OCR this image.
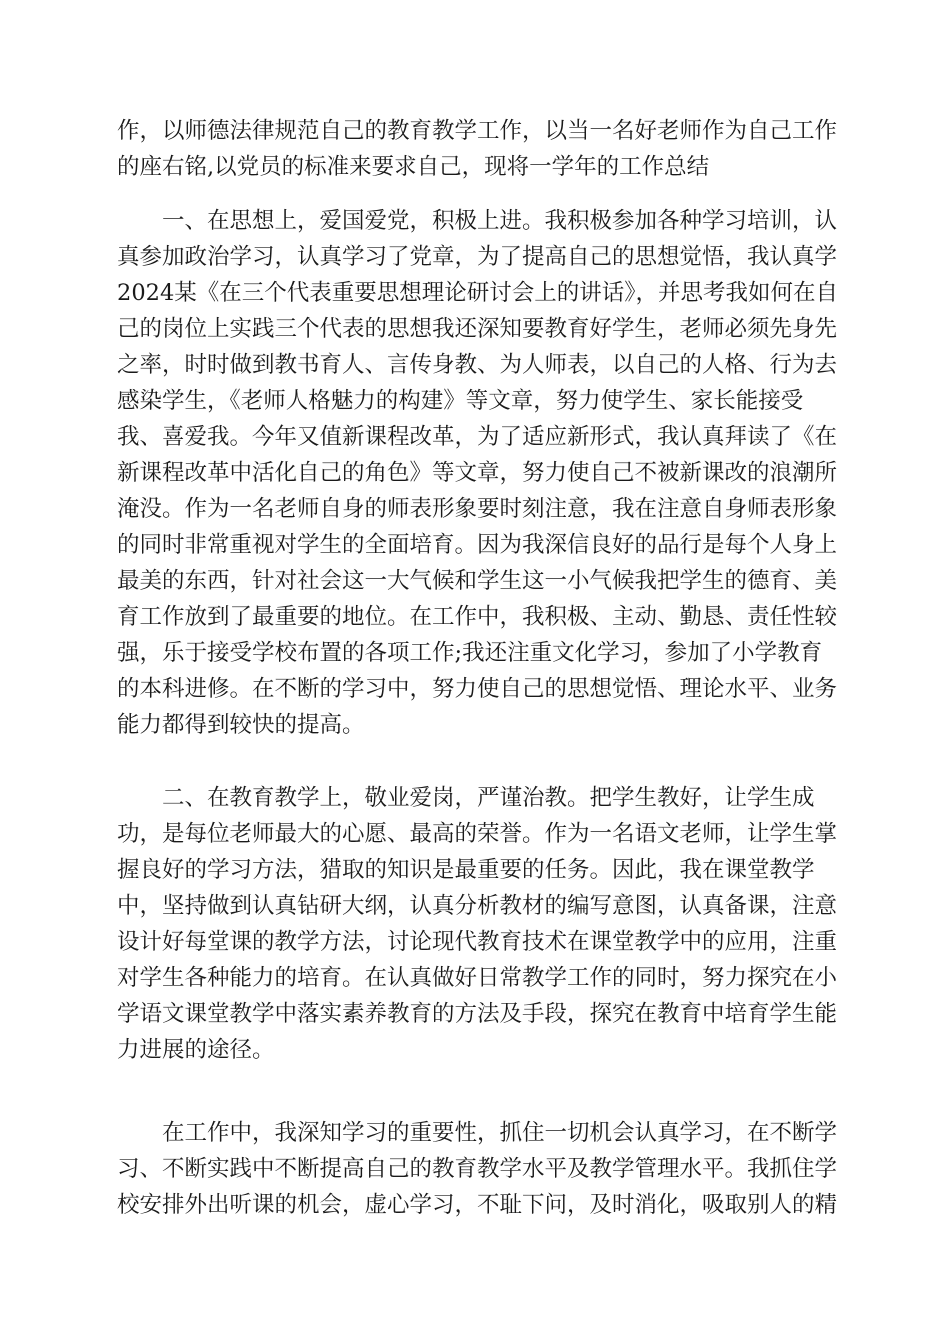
作，以师德法律规范自己的教育教学工作，以当一名好老师作为自己工作
的座右铭,以党员的标准来要求自己，现将一学年的工作总结
一、在思想上，爱国爱党，积极上进。我积极参加各种学习培训，认
真参加政治学习，认真学习了党章，为了提高自己的思想觉悟，我认真学
2024某《在三个代表重要思想理论研讨会上的讲话》，并思考我如何在自
己的岗位上实践三个代表的思想我还深知要教育好学生，老师必须先身先
之率，时时做到教书育人、言传身教、为人师表，以自己的人格、行为去
感染学生，《老师人格魅力的构建》等文章，努力使学生、家长能接受
我、喜爱我。今年又值新课程改革，为了适应新形式，我认真拜读了《在
新课程改革中活化自己的角色》等文章，努力使自己不被新课改的浪潮所
淹没。作为一名老师自身的师表形象要时刻注意，我在注意自身师表形象
的同时非常重视对学生的全面培育。因为我深信良好的品行是每个人身上
最美的东西，针对社会这一大气候和学生这一小气候我把学生的德育、美
育工作放到了最重要的地位。在工作中，我积极、主动、勤恳、责任性较
强，乐于接受学校布置的各项工作;我还注重文化学习，参加了小学教育
的本科进修。在不断的学习中，努力使自己的思想觉悟、理论水平、业务
能力都得到较快的提高。
二、在教育教学上，敬业爱岗，严谨治教。把学生教好，让学生成
功，是每位老师最大的心愿、最高的荣誉。作为一名语文老师，让学生掌
握良好的学习方法，猎取的知识是最重要的任务。因此，我在课堂教学
中，坚持做到认真钻研大纲，认真分析教材的编写意图，认真备课，注意
设计好每堂课的教学方法，讨论现代教育技术在课堂教学中的应用，注重
对学生各种能力的培育。在认真做好日常教学工作的同时，努力探究在小
学语文课堂教学中落实素养教育的方法及手段，探究在教育中培育学生能
力进展的途径。
在工作中，我深知学习的重要性，抓住一切机会认真学习，在不断学
习、不断实践中不断提高自己的教育教学水平及教学管理水平。我抓住学
校安排外出听课的机会，虚心学习，不耻下问，及时消化，吸取别人的精
